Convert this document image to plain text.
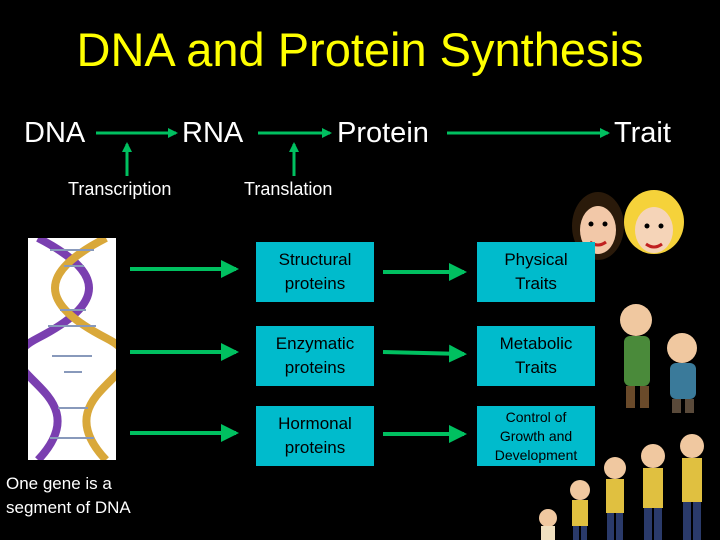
DNA and Protein Synthesis
DNA	RNA	Protein	Trait
Transcription	Translation
Structural
proteins
Enzymatic
proteins
Hormonal
proteins
Physical
Traits
Metabolic
Traits
Control of
Growth and
Development
One gene is a
segment of DNA
